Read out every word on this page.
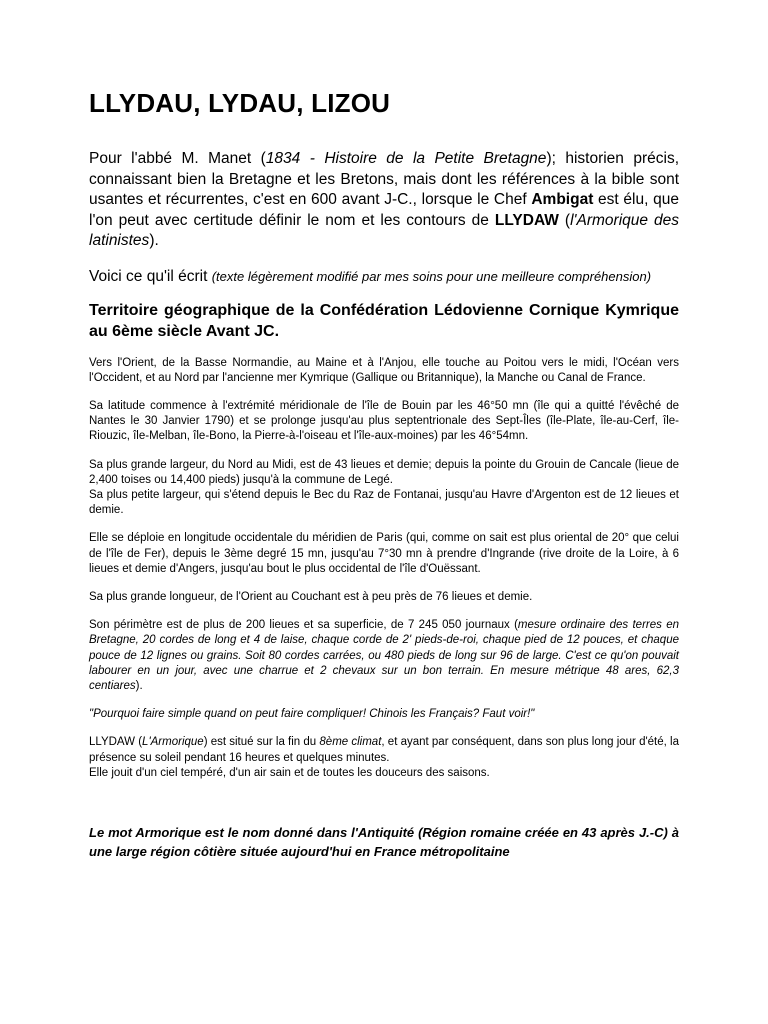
LLYDAU, LYDAU, LIZOU

Pour l'abbé M. Manet (1834 - Histoire de la Petite Bretagne); historien précis, connaissant bien la Bretagne et les Bretons, mais dont les références à la bible sont usantes et récurrentes, c'est en 600 avant J-C., lorsque le Chef Ambigat est élu, que l'on peut avec certitude définir le nom et les contours de LLYDAW (l'Armorique des latinistes).

Voici ce qu'il écrit (texte légèrement modifié par mes soins pour une meilleure compréhension)

Territoire géographique de la Confédération Lédovienne Cornique Kymrique au 6ème siècle Avant JC.

Vers l'Orient, de la Basse Normandie, au Maine et à l'Anjou, elle touche au Poitou vers le midi, l'Océan vers l'Occident, et au Nord par l'ancienne mer Kymrique (Gallique ou Britannique), la Manche ou Canal de France.

Sa latitude commence à l'extrémité méridionale de l'île de Bouin par les 46°50 mn (île qui a quitté l'évêché de Nantes le 30 Janvier 1790) et se prolonge jusqu'au plus septentrionale des Sept-Îles (île-Plate, île-au-Cerf, île-Riouzic, île-Melban, île-Bono, la Pierre-à-l'oiseau et l'île-aux-moines) par les 46°54mn.

Sa plus grande largeur, du Nord au Midi, est de 43 lieues et demie; depuis la pointe du Grouin de Cancale (lieue de 2,400 toises ou 14,400 pieds) jusqu'à la commune de Legé.
Sa plus petite largeur, qui s'étend depuis le Bec du Raz de Fontanai, jusqu'au Havre d'Argenton est de 12 lieues et demie.

Elle se déploie en longitude occidentale du méridien de Paris (qui, comme on sait est plus oriental de 20° que celui de l'île de Fer), depuis le 3ème degré 15 mn, jusqu'au 7°30 mn à prendre d'Ingrande (rive droite de la Loire, à 6 lieues et demie d'Angers, jusqu'au bout le plus occidental de l'île d'Ouëssant.

Sa plus grande longueur, de l'Orient au Couchant est à peu près de 76 lieues et demie.

Son périmètre est de plus de 200 lieues et sa superficie, de 7 245 050 journaux (mesure ordinaire des terres en Bretagne, 20 cordes de long et 4 de laise, chaque corde de 2' pieds-de-roi, chaque pied de 12 pouces, et chaque pouce de 12 lignes ou grains. Soit 80 cordes carrées, ou 480 pieds de long sur 96 de large. C'est ce qu'on pouvait labourer en un jour, avec une charrue et 2 chevaux sur un bon terrain. En mesure métrique 48 ares, 62,3 centiares).

"Pourquoi faire simple quand on peut faire compliquer! Chinois les Français? Faut voir!"

LLYDAW (L'Armorique) est situé sur la fin du 8ème climat, et ayant par conséquent, dans son plus long jour d'été, la présence su soleil pendant 16 heures et quelques minutes.
Elle jouit d'un ciel tempéré, d'un air sain et de toutes les douceurs des saisons.

Le mot Armorique est le nom donné dans l'Antiquité (Région romaine créée en 43 après J.-C) à une large région côtière située aujourd'hui en France métropolitaine
